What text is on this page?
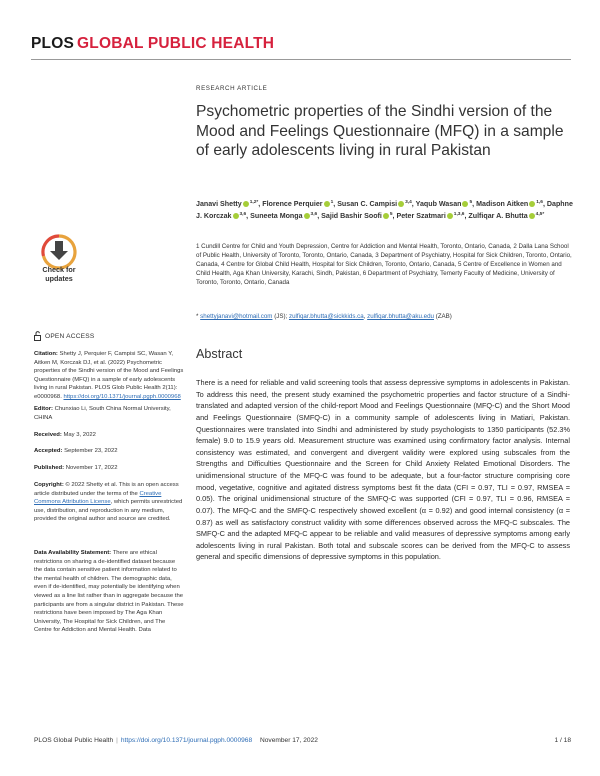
PLOS GLOBAL PUBLIC HEALTH
Check for updates
RESEARCH ARTICLE
Psychometric properties of the Sindhi version of the Mood and Feelings Questionnaire (MFQ) in a sample of early adolescents living in rural Pakistan
Janavi Shetty $^{1,2*}$, Florence Perquier $^1$, Susan C. Campisi $^{3,4}$, Yaqub Wasan $^5$, Madison Aitken $^{1,6}$, Daphne J. Korczak $^{3,6}$, Suneeta Monga $^{3,6}$, Sajid Bashir Soofi $^5$, Peter Szatmari $^{1,3,6}$, Zulfiqar A. Bhutta $^{4,5*}$
1 Cundill Centre for Child and Youth Depression, Centre for Addiction and Mental Health, Toronto, Ontario, Canada, 2 Dalla Lana School of Public Health, University of Toronto, Toronto, Ontario, Canada, 3 Department of Psychiatry, Hospital for Sick Children, Toronto, Ontario, Canada, 4 Centre for Global Child Health, Hospital for Sick Children, Toronto, Ontario, Canada, 5 Centre of Excellence in Women and Child Health, Aga Khan University, Karachi, Sindh, Pakistan, 6 Department of Psychiatry, Temerty Faculty of Medicine, University of Toronto, Toronto, Ontario, Canada
* shettyjanavi@hotmail.com (JS); zulfiqar.bhutta@sickkids.ca, zulfiqar.bhutta@aku.edu (ZAB)
Abstract
There is a need for reliable and valid screening tools that assess depressive symptoms in adolescents in Pakistan. To address this need, the present study examined the psychometric properties and factor structure of a Sindhi-translated and adapted version of the child-report Mood and Feelings Questionnaire (MFQ-C) and the Short Mood and Feelings Questionnaire (SMFQ-C) in a community sample of adolescents living in Matiari, Pakistan. Questionnaires were translated into Sindhi and administered by study psychologists to 1350 participants (52.3% female) 9.0 to 15.9 years old. Measurement structure was examined using confirmatory factor analysis. Internal consistency was estimated, and convergent and divergent validity were explored using subscales from the Strengths and Difficulties Questionnaire and the Screen for Child Anxiety Related Emotional Disorders. The unidimensional structure of the MFQ-C was found to be adequate, but a four-factor structure comprising core mood, vegetative, cognitive and agitated distress symptoms best fit the data (CFI = 0.97, TLI = 0.97, RMSEA = 0.05). The original unidimensional structure of the SMFQ-C was supported (CFI = 0.97, TLI = 0.96, RMSEA = 0.07). The MFQ-C and the SMFQ-C respectively showed excellent (α = 0.92) and good internal consistency (α = 0.87) as well as satisfactory construct validity with some differences observed across the MFQ-C subscales. The SMFQ-C and the adapted MFQ-C appear to be reliable and valid measures of depressive symptoms among early adolescents living in rural Pakistan. Both total and subscale scores can be derived from the MFQ-C to assess general and specific dimensions of depressive symptoms in this population.
OPEN ACCESS
Citation: Shetty J, Perquier F, Campisi SC, Wasan Y, Aitken M, Korczak DJ, et al. (2022) Psychometric properties of the Sindhi version of the Mood and Feelings Questionnaire (MFQ) in a sample of early adolescents living in rural Pakistan. PLOS Glob Public Health 2(11): e0000968. https://doi.org/10.1371/journal.pgph.0000968
Editor: Chunxiao Li, South China Normal University, CHINA
Received: May 3, 2022
Accepted: September 23, 2022
Published: November 17, 2022
Copyright: © 2022 Shetty et al. This is an open access article distributed under the terms of the Creative Commons Attribution License, which permits unrestricted use, distribution, and reproduction in any medium, provided the original author and source are credited.
Data Availability Statement: There are ethical restrictions on sharing a de-identified dataset because the data contain sensitive patient information related to the mental health of children. The demographic data, even if de-identified, may potentially be identifying when viewed as a line list rather than in aggregate because the participants are from a singular district in Pakistan. These restrictions have been imposed by The Aga Khan University, The Hospital for Sick Children, and The Centre for Addiction and Mental Health. Data
PLOS Global Public Health | https://doi.org/10.1371/journal.pgph.0000968 November 17, 2022	1 / 18
